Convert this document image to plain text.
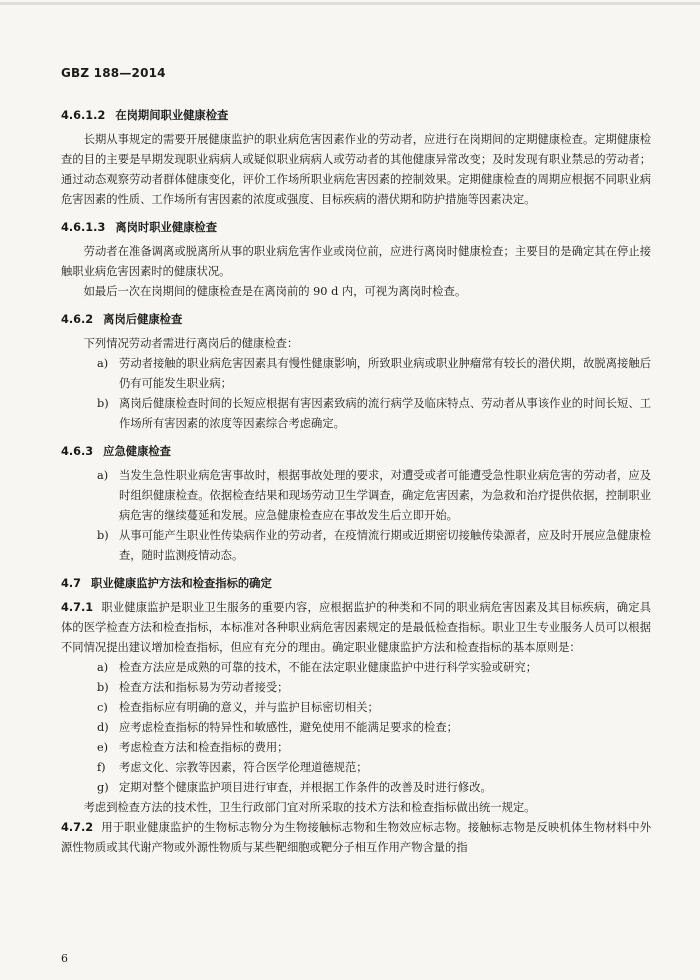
GBZ 188—2014
4.6.1.2 在岗期间职业健康检查

长期从事规定的需要开展健康监护的职业病危害因素作业的劳动者，应进行在岗期间的定期健康检查。定期健康检查的目的主要是早期发现职业病病人或疑似职业病病人或劳动者的其他健康异常改变；及时发现有职业禁忌的劳动者；通过动态观察劳动者群体健康变化，评价工作场所职业病危害因素的控制效果。定期健康检查的周期应根据不同职业病危害因素的性质、工作场所有害因素的浓度或强度、目标疾病的潜伏期和防护措施等因素决定。

4.6.1.3 离岗时职业健康检查

劳动者在准备调离或脱离所从事的职业病危害作业或岗位前，应进行离岗时健康检查；主要目的是确定其在停止接触职业病危害因素时的健康状况。

如最后一次在岗期间的健康检查是在离岗前的 90 d 内，可视为离岗时检查。

4.6.2 离岗后健康检查

下列情况劳动者需进行离岗后的健康检查：

a) 劳动者接触的职业病危害因素具有慢性健康影响，所致职业病或职业肿瘤常有较长的潜伏期，故脱离接触后仍有可能发生职业病；
b) 离岗后健康检查时间的长短应根据有害因素致病的流行病学及临床特点、劳动者从事该作业的时间长短、工作场所有害因素的浓度等因素综合考虑确定。
4.6.3 应急健康检查
a) 当发生急性职业病危害事故时，根据事故处理的要求，对遭受或者可能遭受急性职业病危害的劳动者，应及时组织健康检查。依据检查结果和现场劳动卫生学调查，确定危害因素，为急救和治疗提供依据，控制职业病危害的继续蔓延和发展。应急健康检查应在事故发生后立即开始。
b) 从事可能产生职业性传染病作业的劳动者，在疫情流行期或近期密切接触传染源者，应及时开展应急健康检查，随时监测疫情动态。
4.7 职业健康监护方法和检查指标的确定

4.7.1 职业健康监护是职业卫生服务的重要内容，应根据监护的种类和不同的职业病危害因素及其目标疾病，确定具体的医学检查方法和检查指标，本标准对各种职业病危害因素规定的是最低检查指标。职业卫生专业服务人员可以根据不同情况提出建议增加检查指标，但应有充分的理由。确定职业健康监护方法和检查指标的基本原则是：

a) 检查方法应是成熟的可靠的技术，不能在法定职业健康监护中进行科学实验或研究；
b) 检查方法和指标易为劳动者接受；
c) 检查指标应有明确的意义，并与监护目标密切相关；
d) 应考虑检查指标的特异性和敏感性，避免使用不能满足要求的检查；
e) 考虑检查方法和检查指标的费用；
f) 考虑文化、宗教等因素，符合医学伦理道德规范；
g) 定期对整个健康监护项目进行审查，并根据工作条件的改善及时进行修改。

考虑到检查方法的技术性，卫生行政部门宜对所采取的技术方法和检查指标做出统一规定。

4.7.2 用于职业健康监护的生物标志物分为生物接触标志物和生物效应标志物。接触标志物是反映机体生物材料中外源性物质或其代谢产物或外源性物质与某些靶细胞或靶分子相互作用产物含量的指

6
